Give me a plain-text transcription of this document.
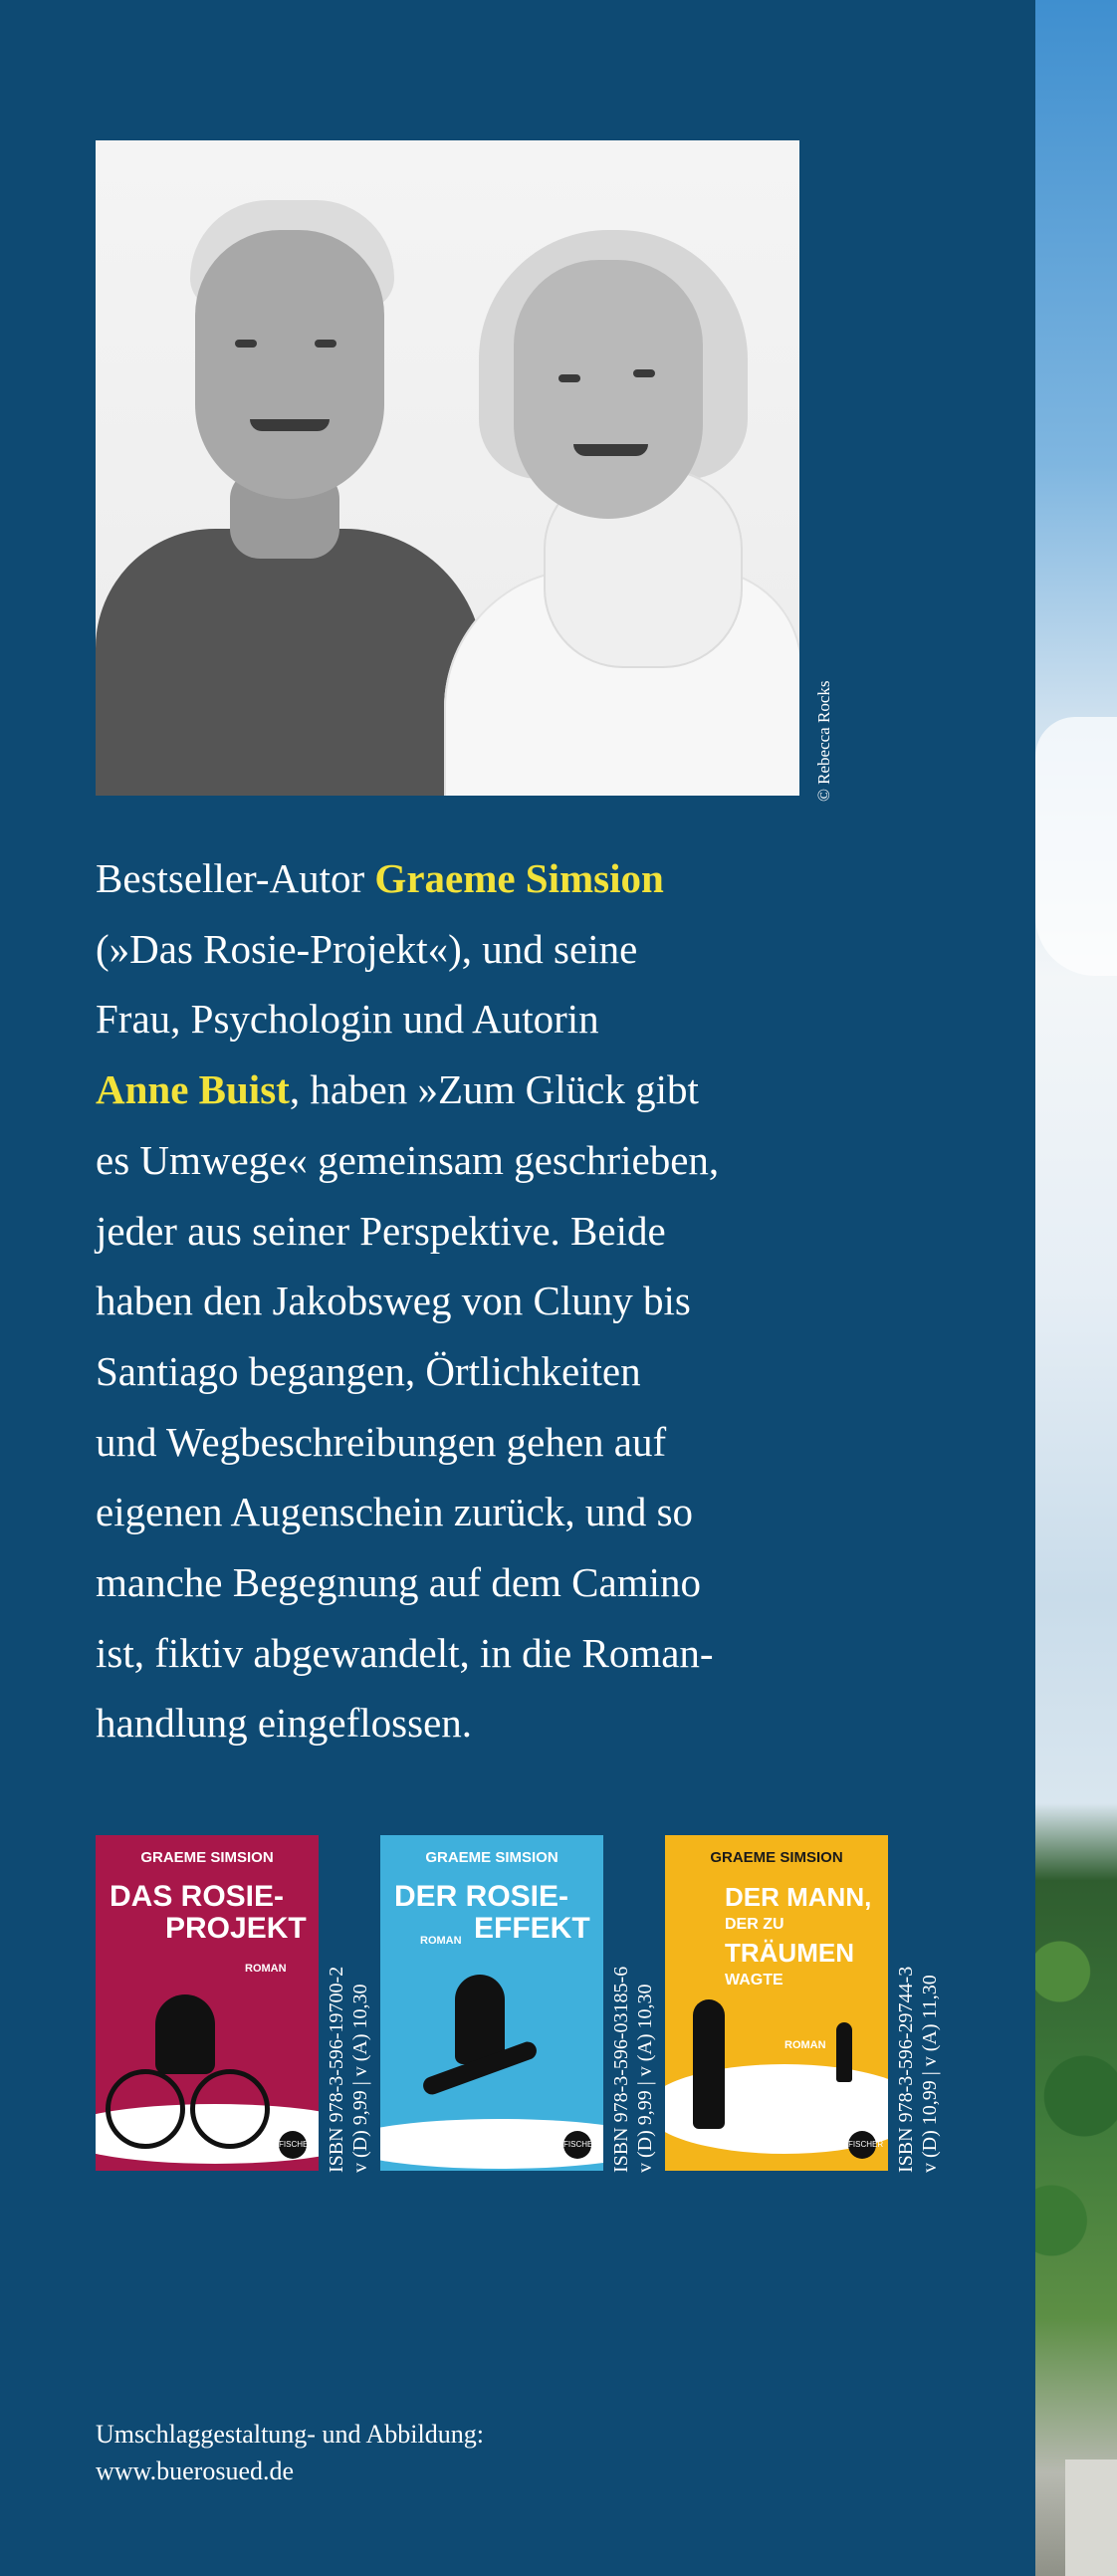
© Rebecca Rocks
Bestseller-Autor Graeme Simsion
(»Das Rosie-Projekt«), und seine
Frau, Psychologin und Autorin
Anne Buist, haben »Zum Glück gibt
es Umwege« gemeinsam geschrieben,
jeder aus seiner Perspektive. Beide
haben den Jakobsweg von Cluny bis
Santiago begangen, Örtlichkeiten
und Wegbeschreibungen gehen auf
eigenen Augenschein zurück, und so
manche Begegnung auf dem Camino
ist, fiktiv abgewandelt, in die Roman-
handlung eingeflossen.
GRAEME SIMSION
DAS ROSIE-
PROJEKT
ROMAN
FISCHER ISBN 978-3-596-19700-2 v (D) 9,99 | v (A) 10,30
GRAEME SIMSION
DER ROSIE-
EFFEKT
ROMAN
FISCHER ISBN 978-3-596-03185-6 v (D) 9,99 | v (A) 10,30
GRAEME SIMSION
DER MANN,
DER ZU
TRÄUMEN
WAGTE
ROMAN
FISCHER ISBN 978-3-596-29744-3 v (D) 10,99 | v (A) 11,30
Umschlaggestaltung- und Abbildung:
www.buerosued.de
